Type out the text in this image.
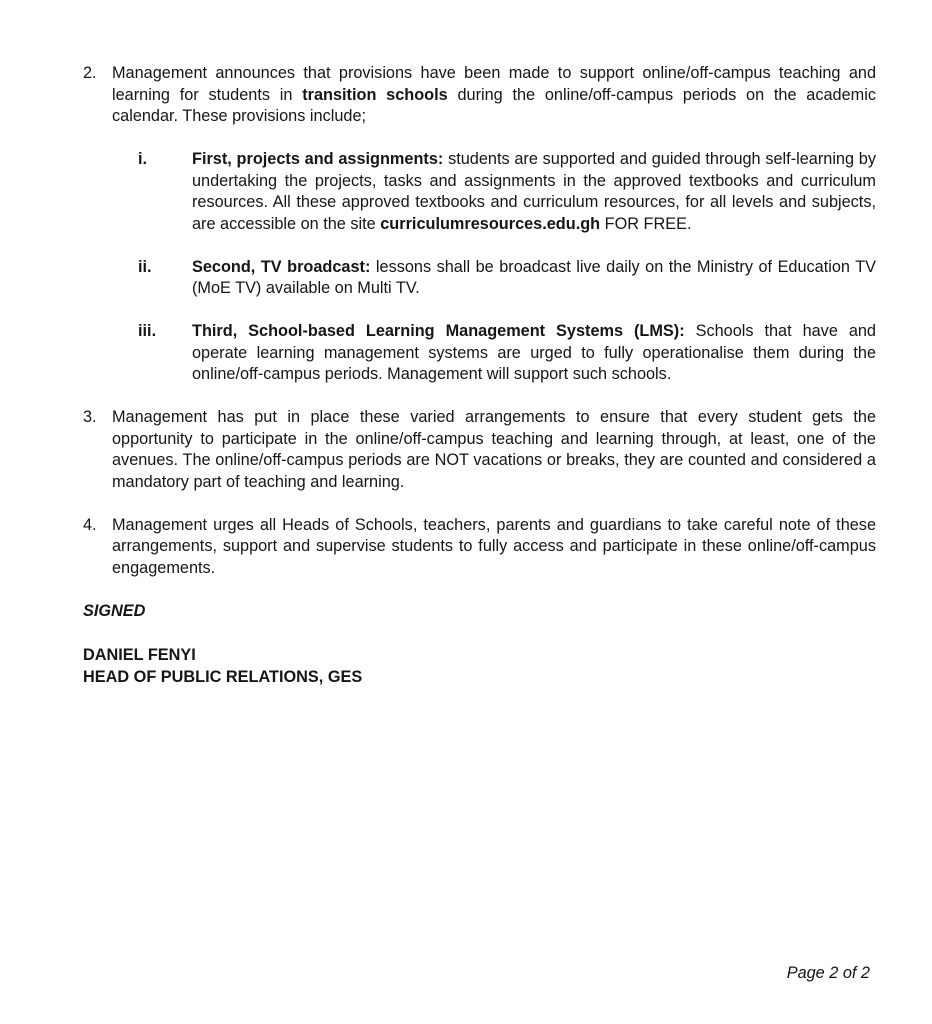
2. Management announces that provisions have been made to support online/off-campus teaching and learning for students in transition schools during the online/off-campus periods on the academic calendar. These provisions include;
i.	First, projects and assignments: students are supported and guided through self-learning by undertaking the projects, tasks and assignments in the approved textbooks and curriculum resources. All these approved textbooks and curriculum resources, for all levels and subjects, are accessible on the site curriculumresources.edu.gh FOR FREE.
ii.	Second, TV broadcast: lessons shall be broadcast live daily on the Ministry of Education TV (MoE TV) available on Multi TV.
iii.	Third, School-based Learning Management Systems (LMS): Schools that have and operate learning management systems are urged to fully operationalise them during the online/off-campus periods. Management will support such schools.
3. Management has put in place these varied arrangements to ensure that every student gets the opportunity to participate in the online/off-campus teaching and learning through, at least, one of the avenues. The online/off-campus periods are NOT vacations or breaks, they are counted and considered a mandatory part of teaching and learning.
4. Management urges all Heads of Schools, teachers, parents and guardians to take careful note of these arrangements, support and supervise students to fully access and participate in these online/off-campus engagements.
SIGNED
DANIEL FENYI
HEAD OF PUBLIC RELATIONS, GES
Page 2 of 2
